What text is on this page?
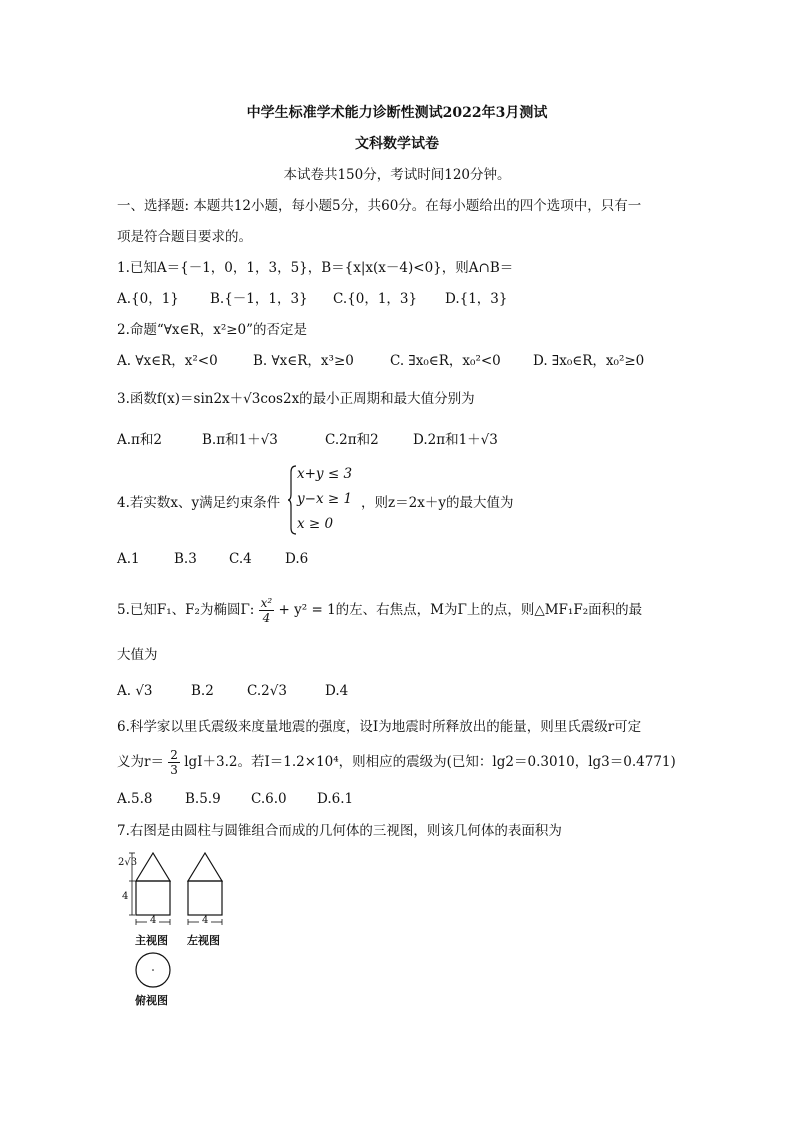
中学生标准学术能力诊断性测试2022年3月测试
文科数学试卷
本试卷共150分，考试时间120分钟。
一、选择题: 本题共12小题，每小题5分，共60分。在每小题给出的四个选项中，只有一
项是符合题目要求的。
1.已知A＝{－1，0，1，3，5}，B＝{x|x(x－4)<0}，则A∩B＝
A.{0，1} B.{－1，1，3} C.{0，1，3} D.{1，3}
2.命题“∀x∈R，x²≥0”的否定是
A. ∀x∈R，x²<0	B. ∀x∈R，x³≥0	C. ∃x₀∈R，x₀²<0 D. ∃x₀∈R，x₀²≥0
3.函数f(x)＝sin2x＋√3cos2x的最小正周期和最大值分别为
A.π和2	B.π和1＋√3	C.2π和2	D.2π和1＋√3
4.若实数x、y满足约束条件
x+y ≤ 3
y−x ≥ 1
x ≥ 0
，则z＝2x＋y的最大值为
A.1	B.3 C.4 D.6
5.已知F₁、F₂为椭圆Γ: $\frac{\text{x²}}{4} + y^2 = 1$的左、右焦点，M为Γ上的点，则△MF₁F₂面积的最
大值为
A. √3	B.2 C.2√3	D.4
6.科学家以里氏震级来度量地震的强度，设I为地震时所释放出的能量，则里氏震级r可定
义为$r= \frac{2}{3} \lg I+3.2$。若I＝1.2×10⁴，则相应的震级为(已知：lg2＝0.3010，lg3＝0.4771)
A.5.8 B.5.9 C.6.0 D.6.1
7.右图是由圆柱与圆锥组合而成的几何体的三视图，则该几何体的表面积为
2√3
4
4	4
主视图 左视图
俯视图
